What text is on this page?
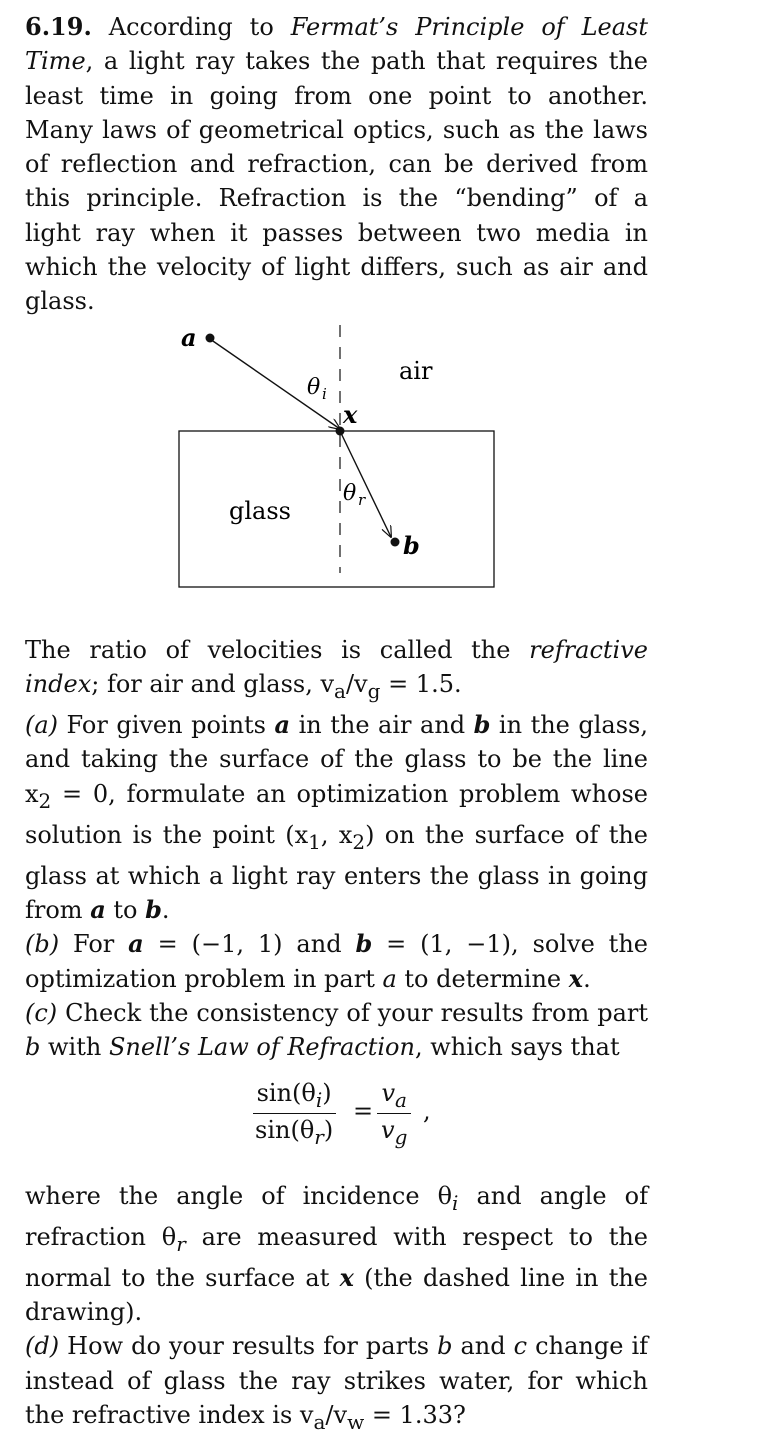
6.19. According to Fermat’s Principle of Least Time, a light ray takes the path that requires the least time in going from one point to another. Many laws of geometrical optics, such as the laws of reflection and refraction, can be derived from this principle. Refraction is the “bending” of a light ray when it passes between two media in which the velocity of light differs, such as air and glass.

a
b
x
air
glass
θ i
θ r

The ratio of velocities is called the refractive index; for air and glass, $v_a/v_g = 1.5$.

(a) For given points a in the air and b in the glass, and taking the surface of the glass to be the line $x_2 = 0$, formulate an optimization problem whose solution is the point ($x_1$, $x_2$) on the surface of the glass at which a light ray enters the glass in going from a to b.

(b) For a = (−1, 1) and b = (1, −1), solve the optimization problem in part a to determine x.

(c) Check the consistency of your results from part b with Snell’s Law of Refraction, which says that

$\frac{\sin(\theta_i)}{\sin(\theta_r)} = \frac{v_a}{v_g}$ ,

where the angle of incidence $\theta_i$ and angle of refraction $\theta_r$ are measured with respect to the normal to the surface at x (the dashed line in the drawing).

(d) How do your results for parts b and c change if instead of glass the ray strikes water, for which the refractive index is $v_a/v_w = 1.33$?
